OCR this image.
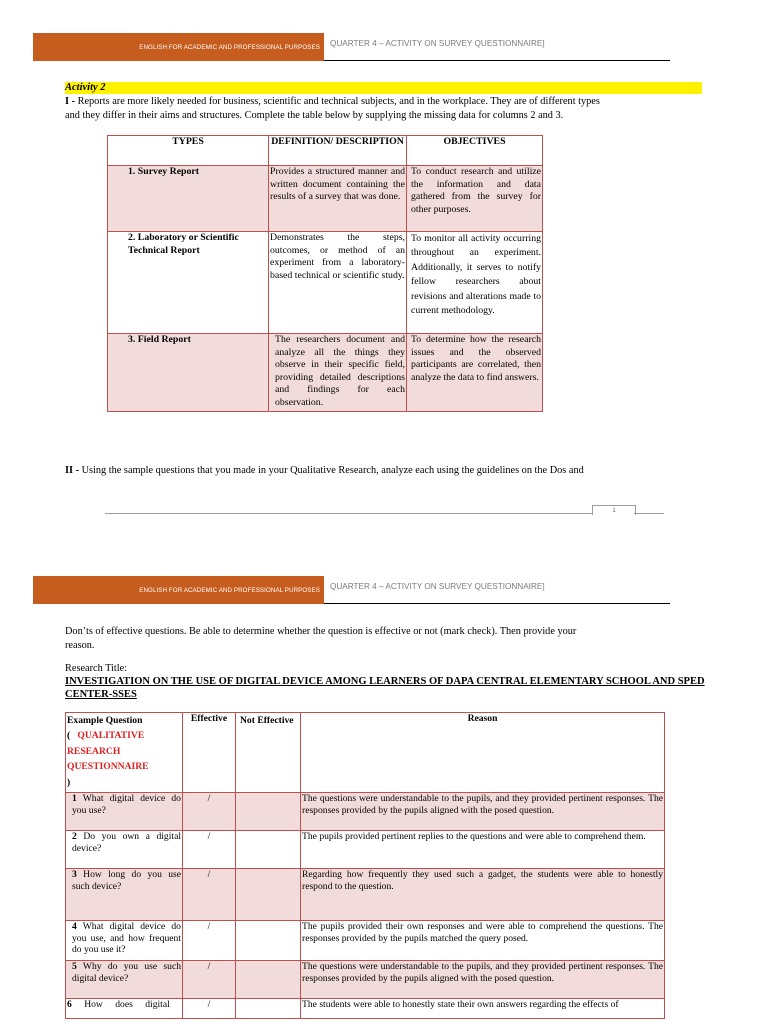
ENGLISH FOR ACADEMIC AND PROFESSIONAL PURPOSES	QUARTER 4 – ACTIVITY ON SURVEY QUESTIONNAIRE]
Activity 2
I - Reports are more likely needed for business, scientific and technical subjects, and in the workplace. They are of different types
and they differ in their aims and structures. Complete the table below by supplying the missing data for columns 2 and 3.
TYPES	DEFINITION/ DESCRIPTION	OBJECTIVES
1. Survey Report	Provides a structured manner and written document containing the results of a survey that was done.	To conduct research and utilize the information and data gathered from the survey for other purposes.
2. Laboratory or Scientific Technical Report	Demonstrates the steps, outcomes, or method of an experiment from a laboratory-based technical or scientific study.	To monitor all activity occurring throughout an experiment. Additionally, it serves to notify fellow researchers about revisions and alterations made to current methodology.
3. Field Report	The researchers document and analyze all the things they observe in their specific field, providing detailed descriptions and findings for each observation.	To determine how the research issues and the observed participants are correlated, then analyze the data to find answers.
II - Using the sample questions that you made in your Qualitative Research, analyze each using the guidelines on the Dos and
1
ENGLISH FOR ACADEMIC AND PROFESSIONAL PURPOSES	QUARTER 4 – ACTIVITY ON SURVEY QUESTIONNAIRE]
Don’ts of effective questions. Be able to determine whether the question is effective or not (mark check). Then provide your
reason.
Research Title:
INVESTIGATION ON THE USE OF DIGITAL DEVICE AMONG LEARNERS OF DAPA CENTRAL ELEMENTARY SCHOOL AND SPED CENTER-SSES
Example Question
( QUALITATIVE RESEARCH QUESTIONNAIRE
)	Effective	Not Effective	Reason
1 What digital device do you use?	/		The questions were understandable to the pupils, and they provided pertinent responses. The responses provided by the pupils aligned with the posed question.
2 Do you own a digital device?	/		The pupils provided pertinent replies to the questions and were able to comprehend them.
3 How long do you use such device?	/		Regarding how frequently they used such a gadget, the students were able to honestly respond to the question.
4 What digital device do you use, and how frequent do you use it?	/		The pupils provided their own responses and were able to comprehend the questions. The responses provided by the pupils matched the query posed.
5 Why do you use such digital device?	/		The questions were understandable to the pupils, and they provided pertinent responses. The responses provided by the pupils aligned with the posed question.
6 How does digital	/		The students were able to honestly state their own answers regarding the effects of
